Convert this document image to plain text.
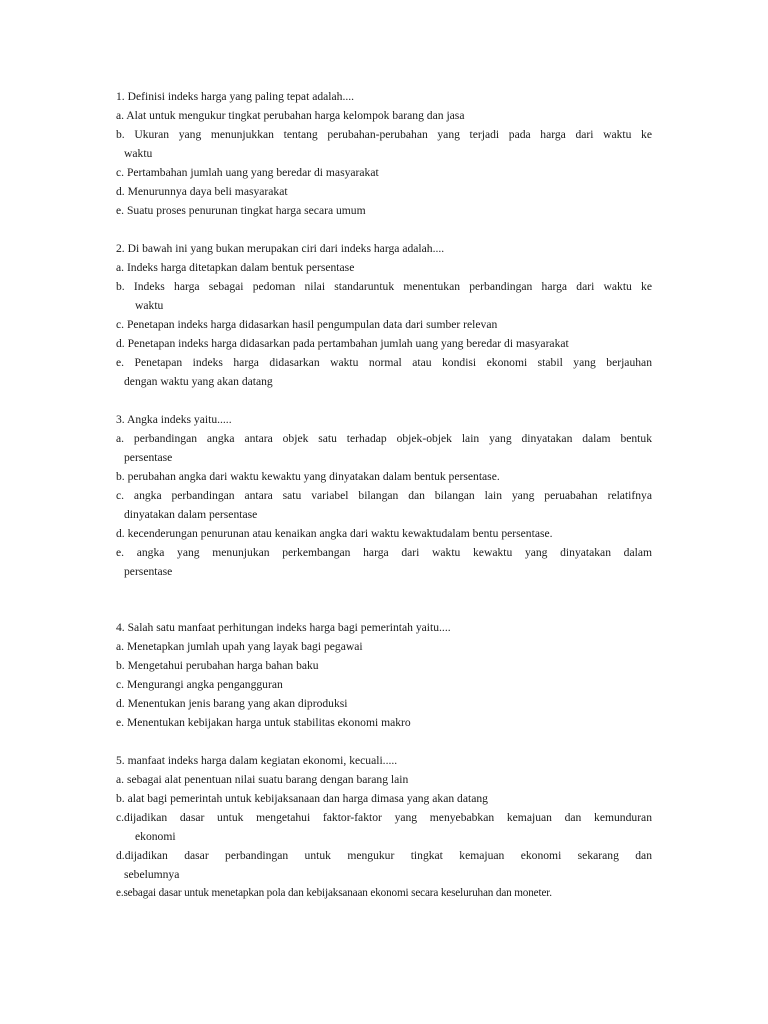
1. Definisi indeks harga yang paling tepat adalah....
a. Alat untuk mengukur tingkat perubahan harga kelompok barang dan jasa
b. Ukuran yang menunjukkan tentang perubahan-perubahan yang terjadi pada harga dari waktu ke
waktu
c. Pertambahan jumlah uang yang beredar di masyarakat
d. Menurunnya daya beli masyarakat
e. Suatu proses penurunan tingkat harga secara umum
2. Di bawah ini yang bukan merupakan ciri dari indeks harga adalah....
a. Indeks harga ditetapkan dalam bentuk persentase
b. Indeks harga sebagai pedoman nilai standaruntuk menentukan perbandingan harga dari waktu ke
waktu
c. Penetapan indeks harga didasarkan hasil pengumpulan data dari sumber relevan
d. Penetapan indeks harga didasarkan pada pertambahan jumlah uang yang beredar di masyarakat
e. Penetapan indeks harga didasarkan waktu normal atau kondisi ekonomi stabil yang berjauhan
dengan waktu yang akan datang
3. Angka indeks yaitu.....
a. perbandingan angka antara objek satu terhadap objek-objek lain yang dinyatakan dalam bentuk
persentase
b. perubahan angka dari waktu kewaktu yang dinyatakan dalam bentuk persentase.
c. angka perbandingan antara satu variabel bilangan dan bilangan lain yang peruabahan relatifnya
dinyatakan dalam persentase
d. kecenderungan penurunan atau kenaikan angka dari waktu kewaktudalam bentu persentase.
e. angka yang menunjukan perkembangan harga dari waktu kewaktu yang dinyatakan dalam
persentase
4. Salah satu manfaat perhitungan indeks harga bagi pemerintah yaitu....
a. Menetapkan jumlah upah yang layak bagi pegawai
b. Mengetahui perubahan harga bahan baku
c. Mengurangi angka pengangguran
d. Menentukan jenis barang yang akan diproduksi
e. Menentukan kebijakan harga untuk stabilitas ekonomi makro
5. manfaat indeks harga dalam kegiatan ekonomi, kecuali.....
a. sebagai alat penentuan nilai suatu barang dengan barang lain
b. alat bagi pemerintah untuk kebijaksanaan dan harga dimasa yang akan datang
c.dijadikan dasar untuk mengetahui faktor-faktor yang menyebabkan kemajuan dan kemunduran
ekonomi
d.dijadikan dasar perbandingan untuk mengukur tingkat kemajuan ekonomi sekarang dan
sebelumnya
e.sebagai dasar untuk menetapkan pola dan kebijaksanaan ekonomi secara keseluruhan dan moneter.
